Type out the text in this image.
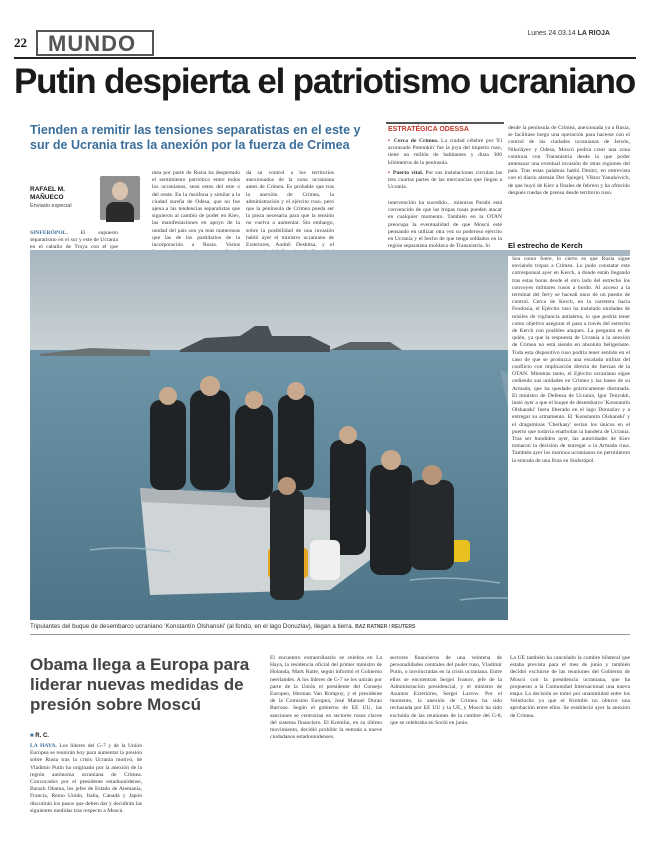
22 MUNDO	Lunes 24.03.14 LA RIOJA
Putin despierta el patriotismo ucraniano
Tienden a remitir las tensiones separatistas en el este y sur de Ucrania tras la anexión por la fuerza de Crimea
RAFAEL M.
MAÑUECO
Enviado especial
SINFERÓPOL. El supuesto separatismo en el sur y este de Ucrania en el caballo de Troya con el que
mea por parte de Rusia ha despertado el sentimiento patriótico entre todos los ucranianos, sean estos del este o del oeste. En la rusófona y similar a la ciudad sureña de Odesa, que no fue ajena a las tendencias separatistas que siguieron al cambio de poder en Kiev, las manifestaciones en apoyo de la unidad del país son ya más numerosas que las de los partidarios de la incorporación a Rusia. Varios
da su control a los territorios anexionados de la zona ucraniana antes de Crimea. Es probable que tras la anexión de Crimea, la administración y el ejército ruso, pero que la península de Crimea pueda ser la pieza necesaria para que la tensión no vuelva a aumentar. Sin embargo, sobre la posibilidad de una invasión habló ayer el ministro ucraniano de Exteriores, Andréi Deshitsa, y el
ESTRATÉGICA ODESSA
▪ Cerca de Crimea. La ciudad célebre por 'El acorazado Potemkin' fue la joya del imperio ruso, tiene un millón de habitantes y dista 300 kilómetros de la península.
▪ Puerto vital. Por sus instalaciones circulan las tres cuartas partes de las mercancías que llegan a Ucrania.
intervención ha sucedido... mientras Parubi está convencido de que las tropas rusas pueden atacar en cualquier momento. También en la OTAN preocupa la eventualidad de que Moscú esté pensando en utilizar otra vez su poderoso ejército en Ucrania y el hecho de que tenga soldados en la región separatista moldava de Transnistria. Si
desde la península de Crimea, anexionada ya a Rusia, se facilitase luego una operación para hacerse con el control de las ciudades ucranianas de Jersón, Nikoláyev y Odesa, Moscú podría crear una zona continua con Transnistria desde la que poder amenazar una eventual invasión de otras regiones del país. Tras estas palabras habló Dmitri, en entrevista con el diario alemán Der Spiegel, Viktor Yanukóvich, de que huyó de Kiev a finales de febrero y ha ofrecido después ruedas de prensa desde territorio ruso.
Tripulantes del buque de desembarco ucraniano 'Konstantín Olshanski' (al fondo, en el lago Donuzlav), llegan a tierra. BAZ RATNER / REUTERS
El estrecho de Kerch
Sea como fuere, lo cierto es que Rusia sigue enviando tropas a Crimea. Lo pudo constatar este corresponsal ayer en Kerch, a donde están llegando tras estas horas desde el otro lado del estrecho los convoyes militares rusos a bordo. Al acceso a la terminal del ferry se haceañ unos de un puesto de control. Cerca de Kerch, en la carretera hacia Feodosia, el Ejército ruso ha instalado unidades de misiles de vigilancia antiaérea, lo que podría tener como objetivo asegurar el paso a través del estrecho de Kerch con posibles ataques. La pregunta es de quién, ya que la respuesta de Ucrania a la anexión de Crimea no está siendo en absoluto beligerante. Toda esta dispositivo ruso podría tener sentido en el caso de que se produzca una escalada militar del conflicto con implicación directa de fuerzas de la OTAN. Mientras tanto, el Ejército ucraniano sigue cediendo sus unidades en Crimea y las bases de su Armada, que ha quedado prácticamente diezmada. El ministro de Defensa de Ucrania, Igor Tenyukh, instó ayer a que el buque de desembarco 'Konstantín Olshanski' fuera liberado en el lago Donuzlav y a entregar su armamento. El 'Konstantín Olshanski' y el dragaminas 'Cherkasy' serían los únicos en el puerto que todavía enarbolan la bandera de Ucrania. Tras ser hundidos ayer, las autoridades de Kiev tomaron la decisión de entregar a la Armada rusa. También ayer los marinos ucranianos no permitieron la entrada de una flota en Sinferópol.
Obama llega a Europa para liderar nuevas medidas de presión sobre Moscú
■ R. C.
LA HAYA. Los líderes del G-7 y de la Unión Europea se reunirán hoy para aumentar la presión sobre Rusia tras la crisis Ucrania motivó, de Vladimir Putin ha originado por la anexión de la región autónoma ucraniana de Crimea. Convocados por el presidente estadounidense, Barack Obama, los jefes de Estado de Alemania, Francia, Reino Unido, Italia, Canadá y Japón discutirán los pasos que deben dar y decidirán las siguientes medidas tras respecto a Moscú.
El encuentro extraordinario se celebra en La Haya, la residencia oficial del primer ministro de Holanda, Mark Rutte, según informó el Gobierno neerlandés. A los líderes de G-7 se les unirán por parte de la Unión el presidente del Consejo Europeo, Herman Van Rompuy, y el presidente de la Comisión Europea, José Manuel Durao Barroso. Según el gobierno de EE UU, las sanciones se centrarían en sectores rusos claves del sistema financiero. El Kremlin, en su último movimiento, decidió prohibir la entrada a nueve ciudadanos estadounidenses.
sectores financieros de una veintena de personalidades centrales del poder ruso, Vladimir Putin, o involucradas en la crisis ucraniana. Entre ellos se encuentran Sergei Ivanov, jefe de la Administración presidencial, y el ministro de Asuntos Exteriores, Sergei Lavrov. Por el momento, la anexión de Crimea ha sido rechazada por EE UU y la UE, y Moscú ha sido excluida de las reuniones de la cumbre del G-8, que se celebraba en Sochi en junio.
La UE también ha cancelado la cumbre bilateral que estaba prevista para el mes de junio y también decidió excluirse de las reuniones del Gobierno de Moscú con la presidencia ucraniana, que ha propuesto a la Comunidad Internacional una nueva etapa. La decisión se tomó por unanimidad entre los Veintiocho ya que el Kremlin no obtuvo una aprobación entre ellos. Se estableció ayer la anexión de Crimea.
